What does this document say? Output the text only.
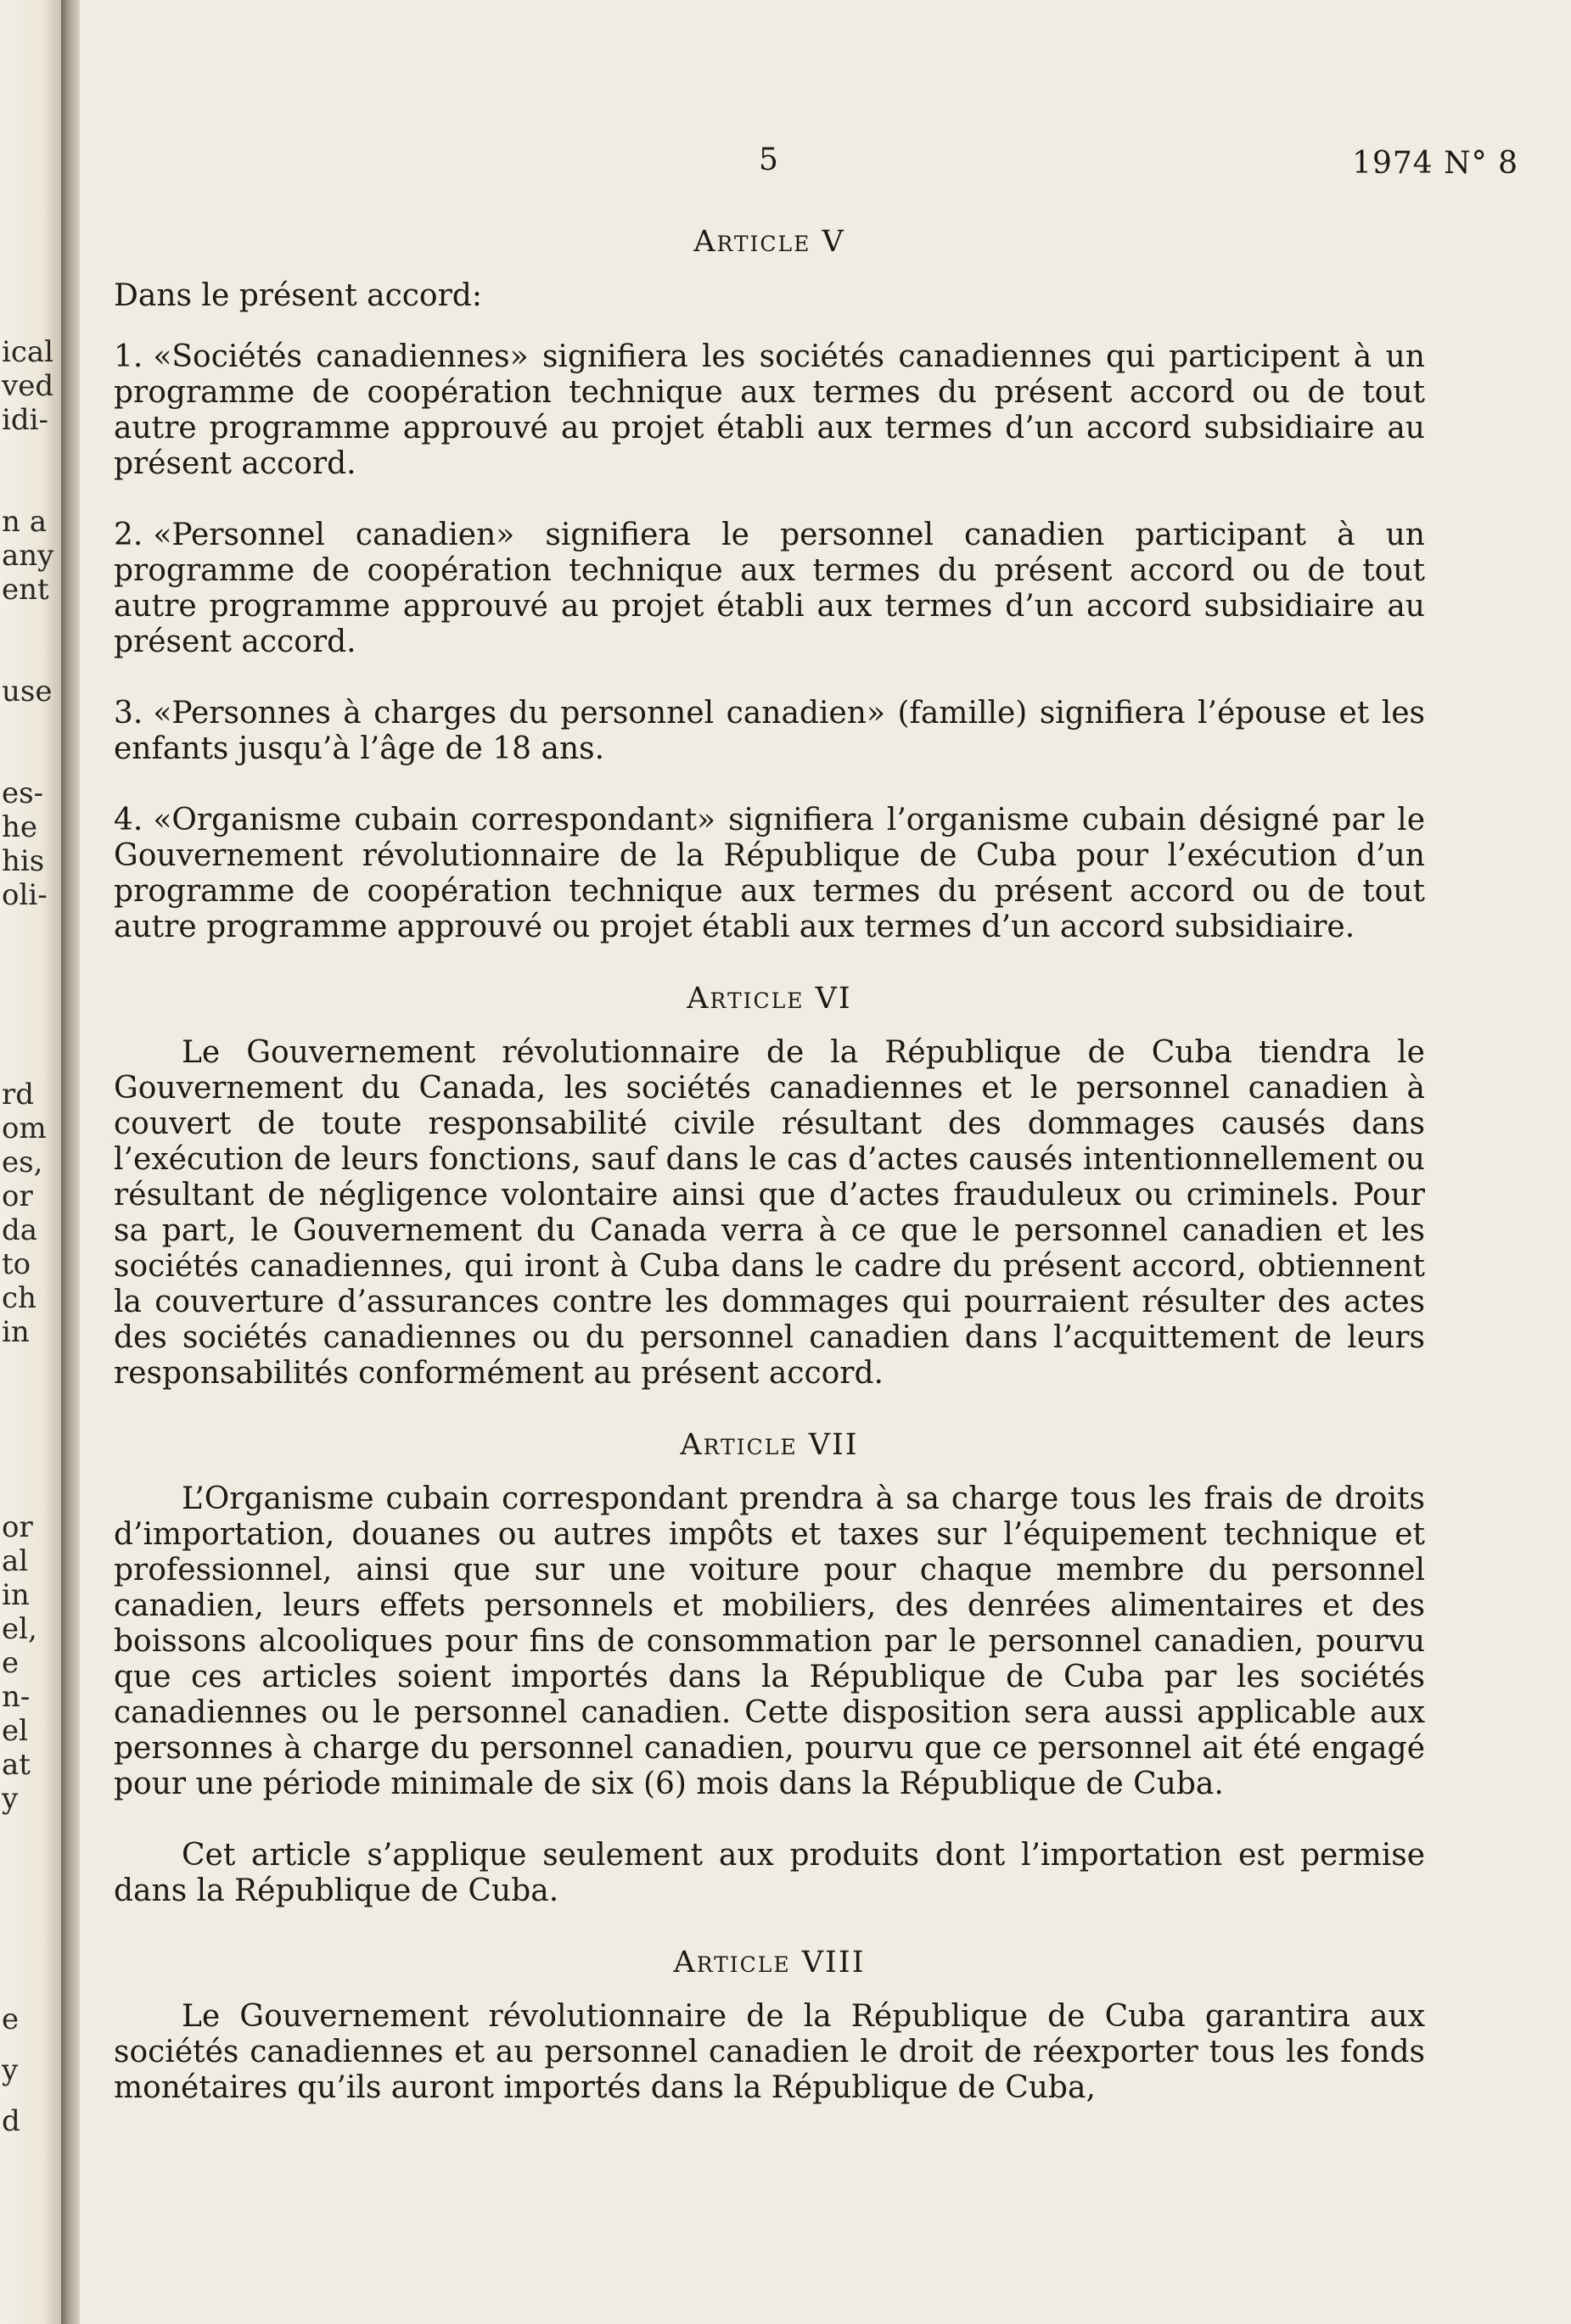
ical
ved
idi-
n a
any
ent
use
es-
he
his
oli-
rd
om
es,
or
da
to
ch
in
or
al
in
el,
e
n-
el
at
y
e
y
d
5	1974 N° 8
Article V

Dans le présent accord:

1. «Sociétés canadiennes» signifiera les sociétés canadiennes qui participent à un programme de coopération technique aux termes du présent accord ou de tout autre programme approuvé au projet établi aux termes d’un accord subsidiaire au présent accord.

2. «Personnel canadien» signifiera le personnel canadien participant à un programme de coopération technique aux termes du présent accord ou de tout autre programme approuvé au projet établi aux termes d’un accord subsidiaire au présent accord.

3. «Personnes à charges du personnel canadien» (famille) signifiera l’épouse et les enfants jusqu’à l’âge de 18 ans.

4. «Organisme cubain correspondant» signifiera l’organisme cubain désigné par le Gouvernement révolutionnaire de la République de Cuba pour l’exécution d’un programme de coopération technique aux termes du présent accord ou de tout autre programme approuvé ou projet établi aux termes d’un accord subsidiaire.

Article VI

Le Gouvernement révolutionnaire de la République de Cuba tiendra le Gouvernement du Canada, les sociétés canadiennes et le personnel canadien à couvert de toute responsabilité civile résultant des dommages causés dans l’exécution de leurs fonctions, sauf dans le cas d’actes causés intentionnellement ou résultant de négligence volontaire ainsi que d’actes frauduleux ou criminels. Pour sa part, le Gouvernement du Canada verra à ce que le personnel canadien et les sociétés canadiennes, qui iront à Cuba dans le cadre du présent accord, obtiennent la couverture d’assurances contre les dommages qui pourraient résulter des actes des sociétés canadiennes ou du personnel canadien dans l’acquittement de leurs responsabilités conformément au présent accord.

Article VII

L’Organisme cubain correspondant prendra à sa charge tous les frais de droits d’importation, douanes ou autres impôts et taxes sur l’équipement technique et professionnel, ainsi que sur une voiture pour chaque membre du personnel canadien, leurs effets personnels et mobiliers, des denrées alimentaires et des boissons alcooliques pour fins de consommation par le personnel canadien, pourvu que ces articles soient importés dans la République de Cuba par les sociétés canadiennes ou le personnel canadien. Cette disposition sera aussi applicable aux personnes à charge du personnel canadien, pourvu que ce personnel ait été engagé pour une période minimale de six (6) mois dans la République de Cuba.

Cet article s’applique seulement aux produits dont l’importation est permise dans la République de Cuba.

Article VIII

Le Gouvernement révolutionnaire de la République de Cuba garantira aux sociétés canadiennes et au personnel canadien le droit de réexporter tous les fonds monétaires qu’ils auront importés dans la République de Cuba,
